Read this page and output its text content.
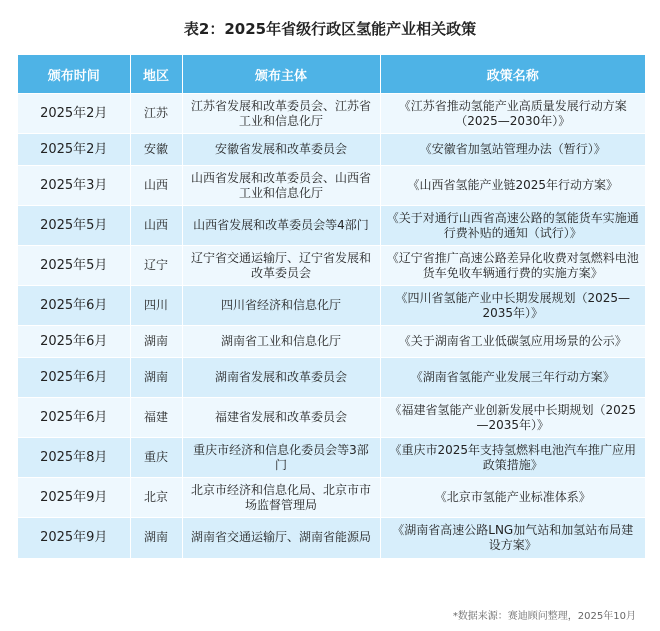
表2：2025年省级行政区氢能产业相关政策
颁布时间	地区	颁布主体	政策名称
2025年2月	江苏	江苏省发展和改革委员会、江苏省工业和信息化厅	《江苏省推动氢能产业高质量发展行动方案（2025—2030年）》
2025年2月	安徽	安徽省发展和改革委员会	《安徽省加氢站管理办法（暂行）》
2025年3月	山西	山西省发展和改革委员会、山西省工业和信息化厅	《山西省氢能产业链2025年行动方案》
2025年5月	山西	山西省发展和改革委员会等4部门	《关于对通行山西省高速公路的氢能货车实施通行费补贴的通知（试行）》
2025年5月	辽宁	辽宁省交通运输厅、辽宁省发展和改革委员会	《辽宁省推广高速公路差异化收费对氢燃料电池货车免收车辆通行费的实施方案》
2025年6月	四川	四川省经济和信息化厅	《四川省氢能产业中长期发展规划（2025—2035年）》
2025年6月	湖南	湖南省工业和信息化厅	《关于湖南省工业低碳氢应用场景的公示》
2025年6月	湖南	湖南省发展和改革委员会	《湖南省氢能产业发展三年行动方案》
2025年6月	福建	福建省发展和改革委员会	《福建省氢能产业创新发展中长期规划（2025—2035年）》
2025年8月	重庆	重庆市经济和信息化委员会等3部门	《重庆市2025年支持氢燃料电池汽车推广应用政策措施》
2025年9月	北京	北京市经济和信息化局、北京市市场监督管理局	《北京市氢能产业标准体系》
2025年9月	湖南	湖南省交通运输厅、湖南省能源局	《湖南省高速公路LNG加气站和加氢站布局建设方案》
*数据来源：赛迪顾问整理，2025年10月
